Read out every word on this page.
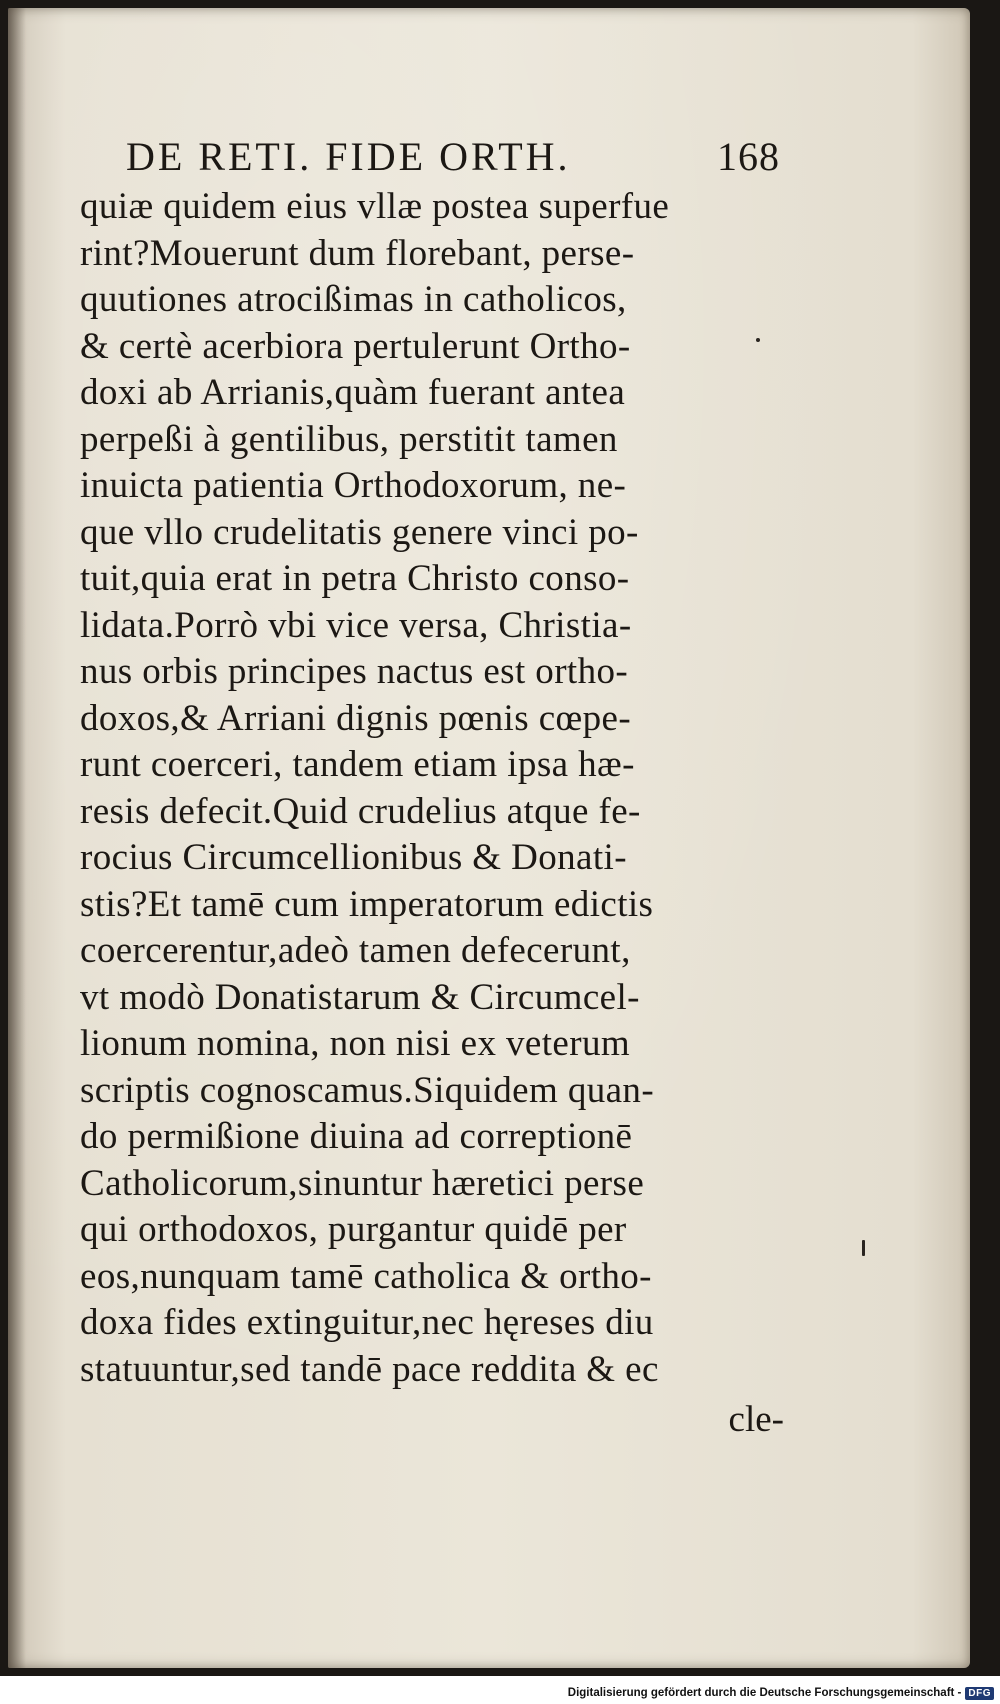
DE RETI. FIDE ORTH.	168
quiæ quidem eius vllæ postea superfue
rint?Mouerunt dum florebant, perse-
quutiones atrocißimas in catholicos,
& certè acerbiora pertulerunt Ortho-
doxi ab Arrianis,quàm fuerant antea
perpeßi à gentilibus, perstitit tamen
inuicta patientia Orthodoxorum, ne-
que vllo crudelitatis genere vinci po-
tuit,quia erat in petra Christo conso-
lidata.Porrò vbi vice versa, Christia-
nus orbis principes nactus est ortho-
doxos,& Arriani dignis pœnis cœpe-
runt coerceri, tandem etiam ipsa hæ-
resis defecit.Quid crudelius atque fe-
rocius Circumcellionibus & Donati-
stis?Et tamē cum imperatorum edictis
coercerentur,adeò tamen defecerunt,
vt modò Donatistarum & Circumcel-
lionum nomina, non nisi ex veterum
scriptis cognoscamus.Siquidem quan-
do permißione diuina ad correptionē
Catholicorum,sinuntur hæretici perse
qui orthodoxos, purgantur quidē per
eos,nunquam tamē catholica & ortho-
doxa fides extinguitur,nec hęreses diu
statuuntur,sed tandē pace reddita & ec
cle-
Digitalisierung gefördert durch die Deutsche Forschungsgemeinschaft - DFG
